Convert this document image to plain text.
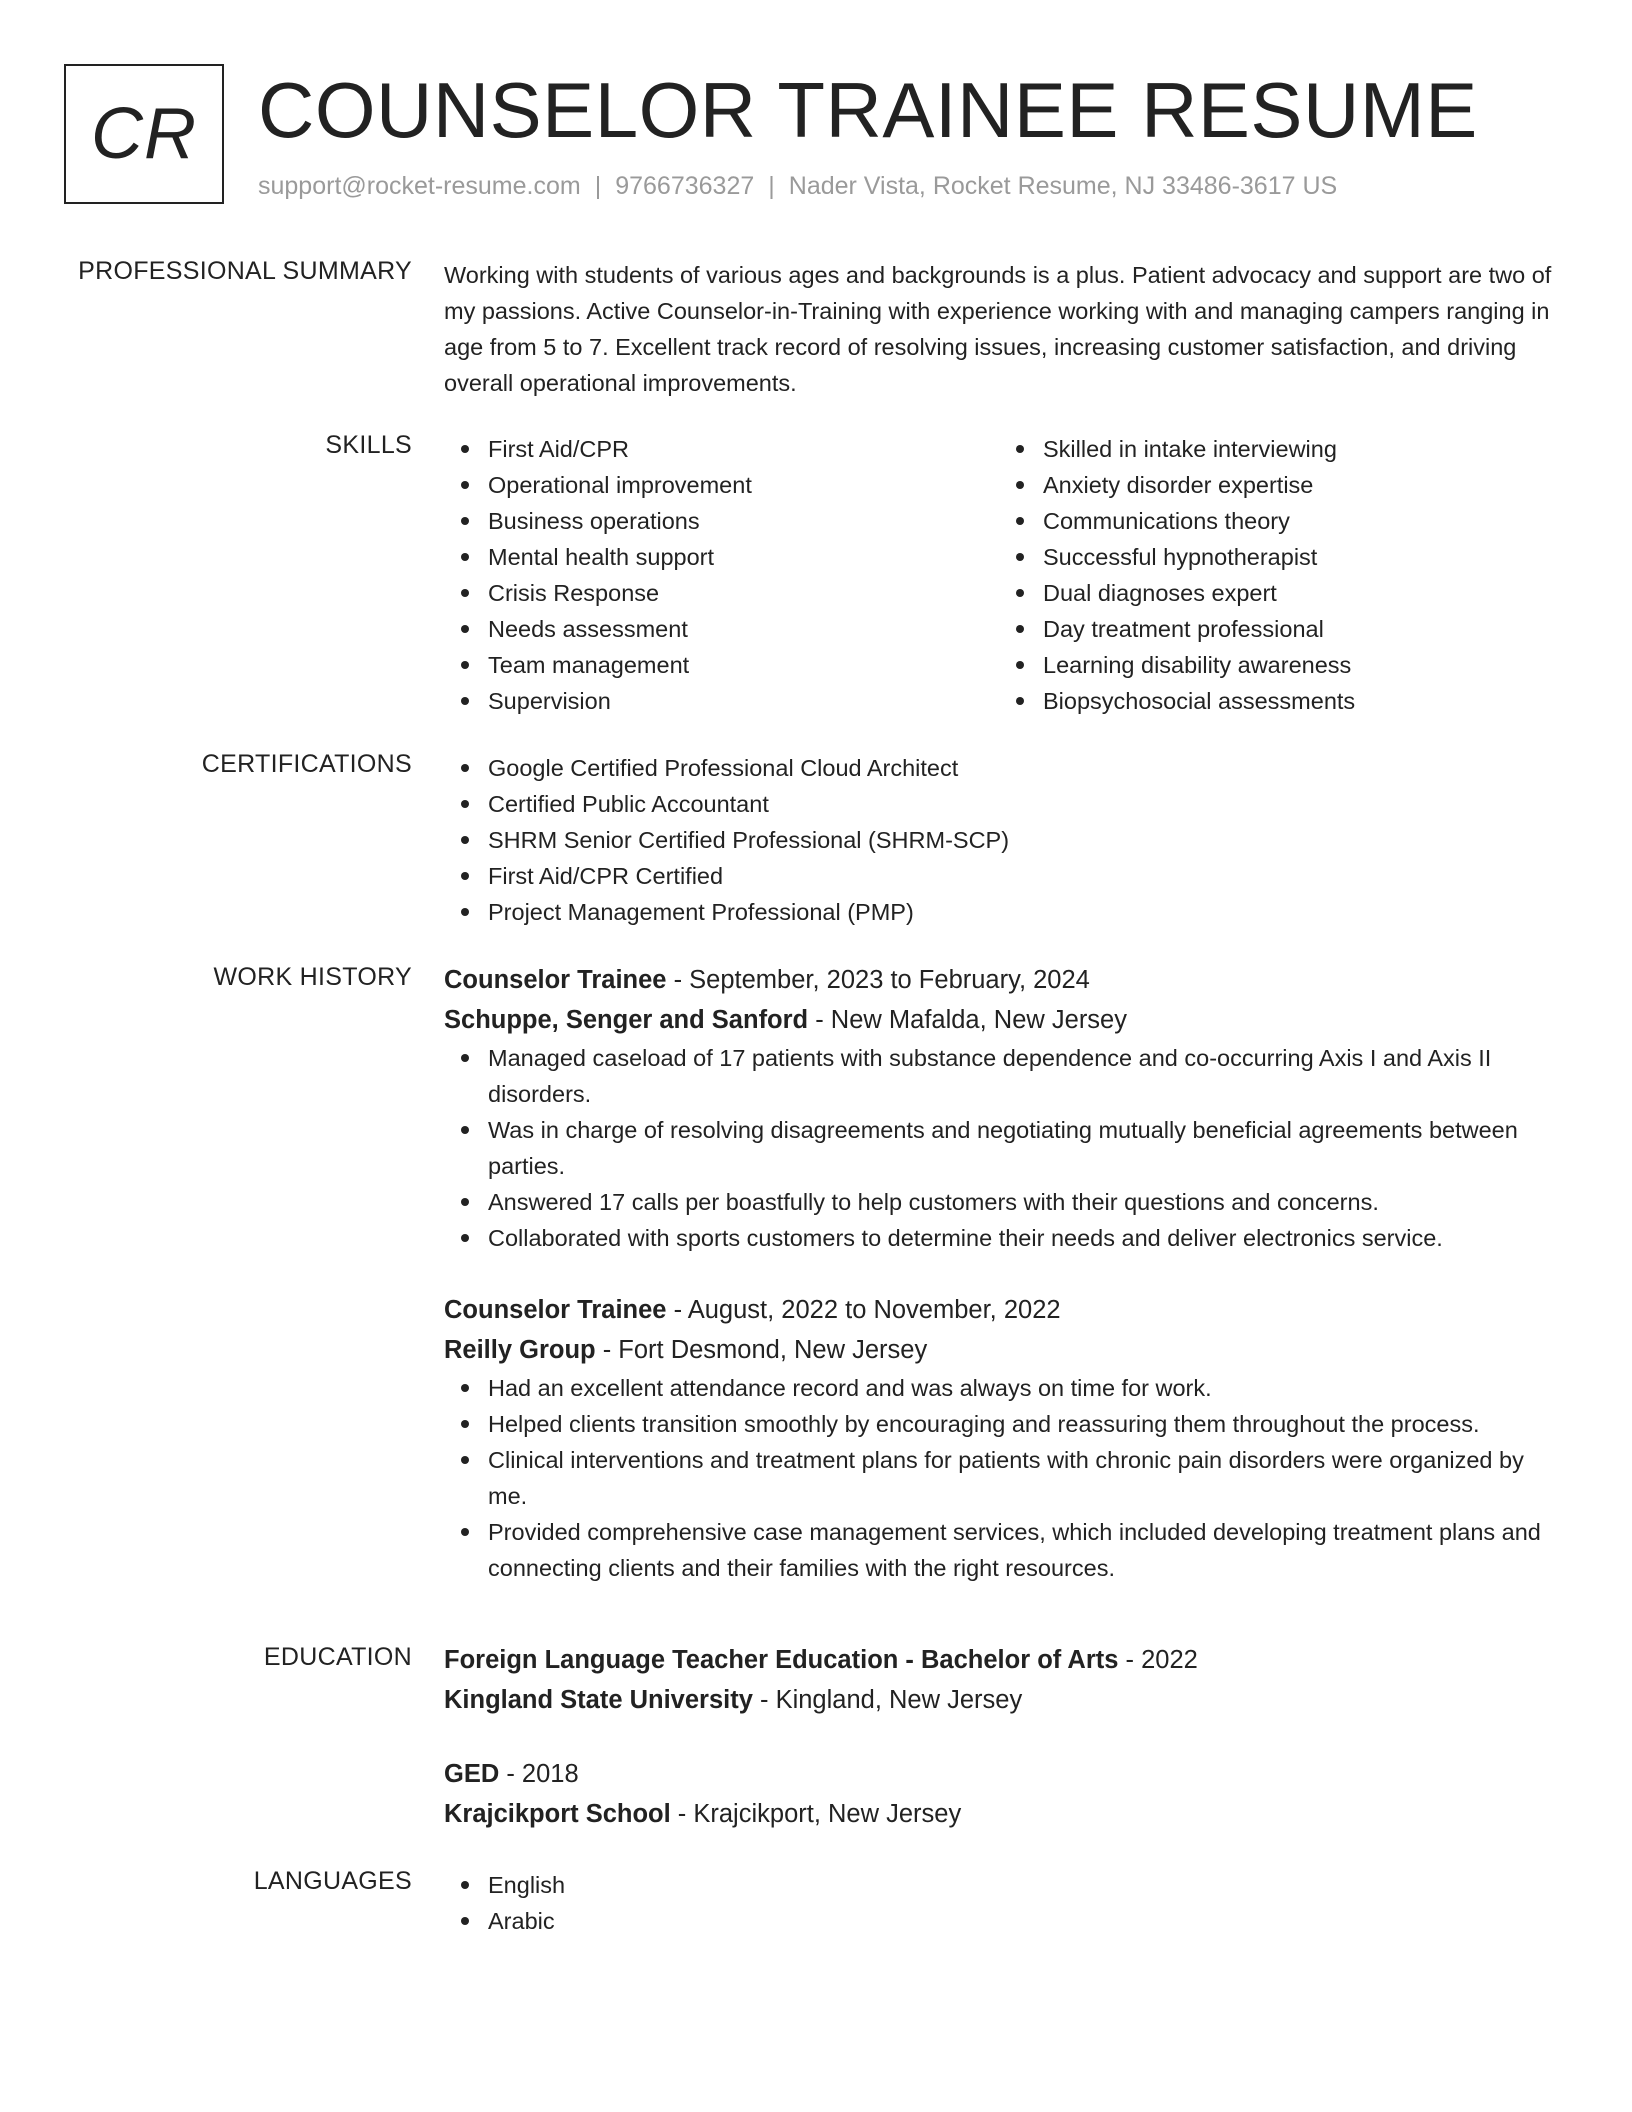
CR COUNSELOR TRAINEE RESUME
support@rocket-resume.com | 9766736327 | Nader Vista, Rocket Resume, NJ 33486-3617 US
PROFESSIONAL SUMMARY Working with students of various ages and backgrounds is a plus. Patient advocacy and support are two of my passions. Active Counselor-in-Training with experience working with and managing campers ranging in age from 5 to 7. Excellent track record of resolving issues, increasing customer satisfaction, and driving overall operational improvements.

SKILLS	First Aid/CPR
Operational improvement
Business operations
Mental health support
Crisis Response
Needs assessment
Team management
Supervision
Skilled in intake interviewing
Anxiety disorder expertise
Communications theory
Successful hypnotherapist
Dual diagnoses expert
Day treatment professional
Learning disability awareness
Biopsychosocial assessments
CERTIFICATIONS	Google Certified Professional Cloud Architect
Certified Public Accountant
SHRM Senior Certified Professional (SHRM-SCP)
First Aid/CPR Certified
Project Management Professional (PMP)
WORK HISTORY Counselor Trainee - September, 2023 to February, 2024
Schuppe, Senger and Sanford - New Mafalda, New Jersey
Managed caseload of 17 patients with substance dependence and co-occurring Axis I and Axis II disorders.
Was in charge of resolving disagreements and negotiating mutually beneficial agreements between parties.
Answered 17 calls per boastfully to help customers with their questions and concerns.
Collaborated with sports customers to determine their needs and deliver electronics service.
Counselor Trainee - August, 2022 to November, 2022
Reilly Group - Fort Desmond, New Jersey
Had an excellent attendance record and was always on time for work.
Helped clients transition smoothly by encouraging and reassuring them throughout the process.
Clinical interventions and treatment plans for patients with chronic pain disorders were organized by me.
Provided comprehensive case management services, which included developing treatment plans and connecting clients and their families with the right resources.
EDUCATION Foreign Language Teacher Education - Bachelor of Arts - 2022
Kingland State University - Kingland, New Jersey
GED - 2018
Krajcikport School - Krajcikport, New Jersey
LANGUAGES	English
Arabic
